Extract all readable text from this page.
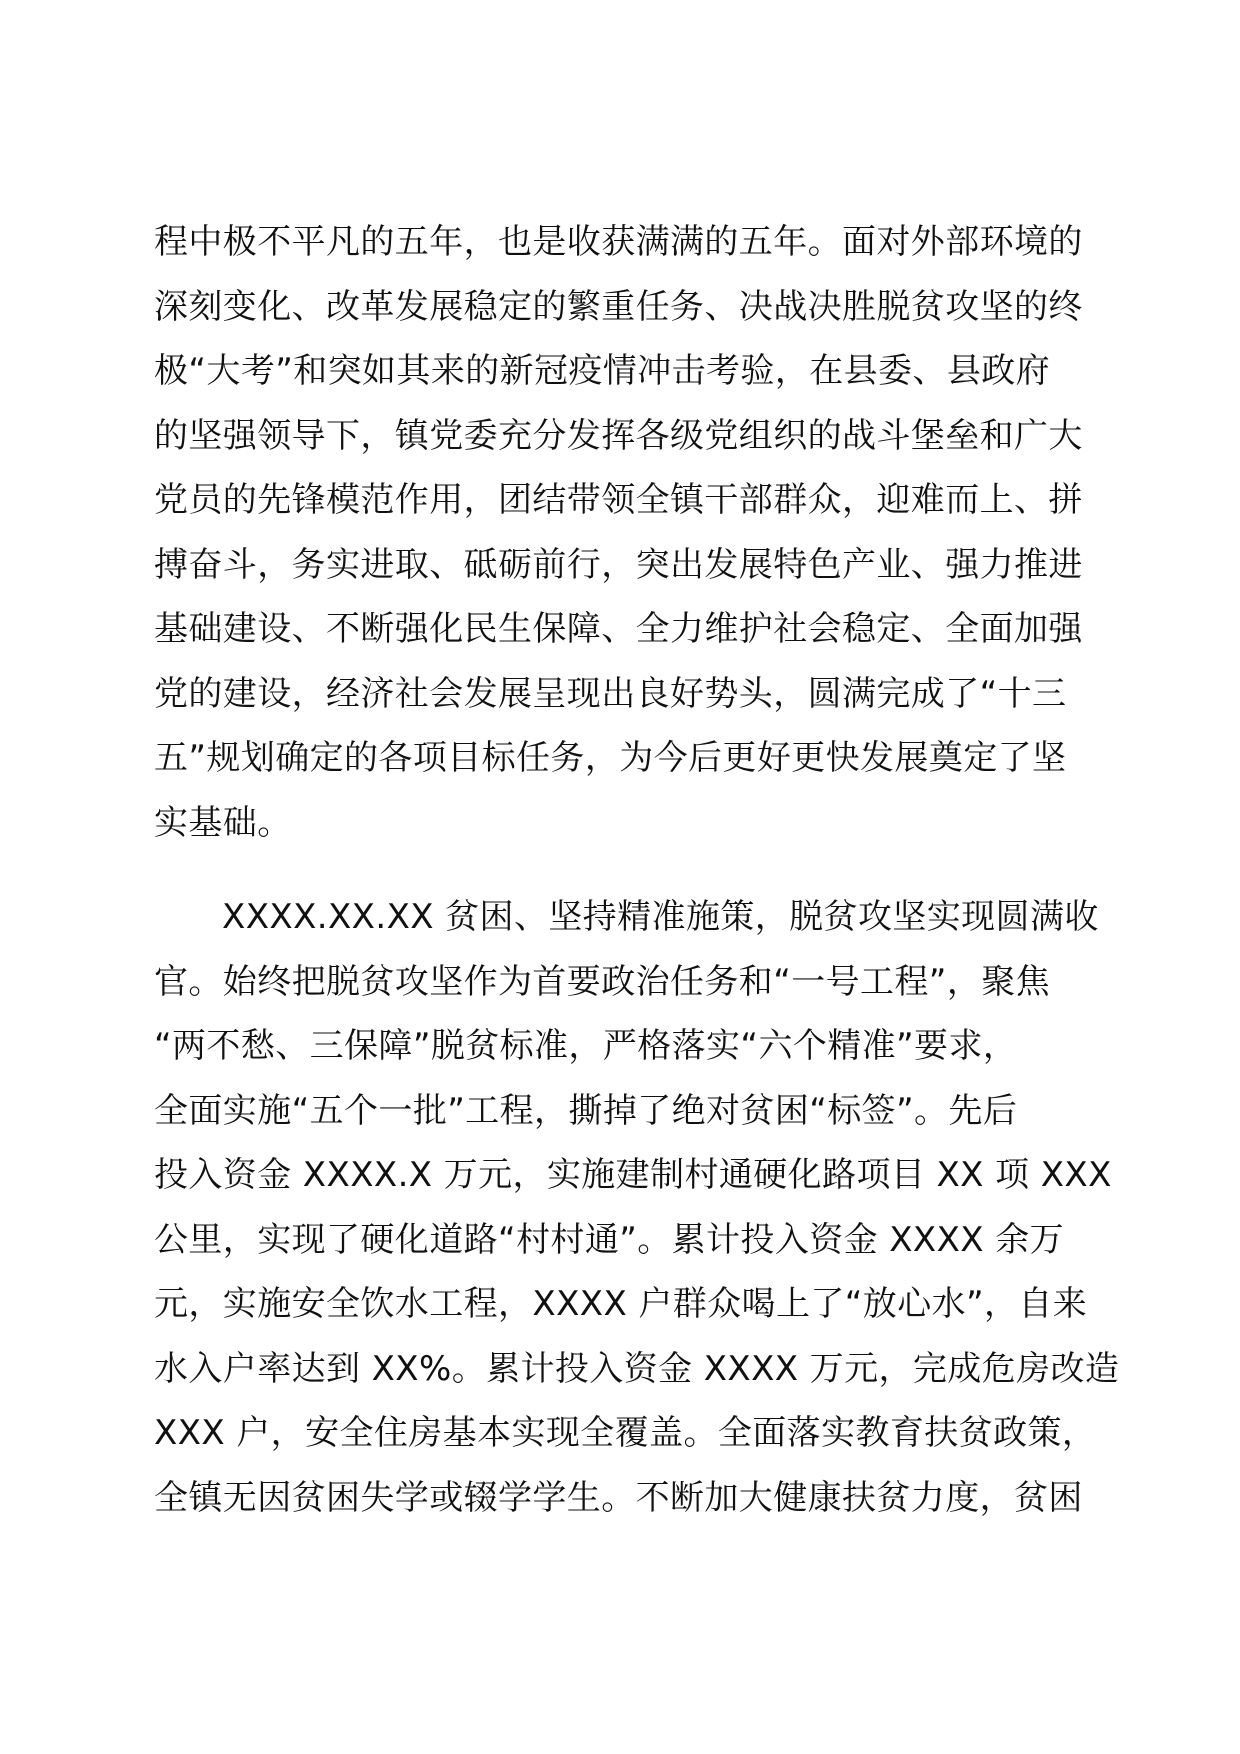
程中极不平凡的五年，也是收获满满的五年。面对外部环境的
深刻变化、改革发展稳定的繁重任务、决战决胜脱贫攻坚的终
极“大考”和突如其来的新冠疫情冲击考验，在县委、县政府
的坚强领导下，镇党委充分发挥各级党组织的战斗堡垒和广大
党员的先锋模范作用，团结带领全镇干部群众，迎难而上、拼
搏奋斗，务实进取、砥砺前行，突出发展特色产业、强力推进
基础建设、不断强化民生保障、全力维护社会稳定、全面加强
党的建设，经济社会发展呈现出良好势头，圆满完成了“十三
五”规划确定的各项目标任务，为今后更好更快发展奠定了坚
实基础。
XXXX.XX.XX 贫困、坚持精准施策，脱贫攻坚实现圆满收
官。始终把脱贫攻坚作为首要政治任务和“一号工程”，聚焦
“两不愁、三保障”脱贫标准，严格落实“六个精准”要求，
全面实施“五个一批”工程，撕掉了绝对贫困“标签”。先后
投入资金 XXXX.X 万元，实施建制村通硬化路项目 XX 项 XXX
公里，实现了硬化道路“村村通”。累计投入资金 XXXX 余万
元，实施安全饮水工程，XXXX 户群众喝上了“放心水”，自来
水入户率达到 XX%。累计投入资金 XXXX 万元，完成危房改造
XXX 户，安全住房基本实现全覆盖。全面落实教育扶贫政策，
全镇无因贫困失学或辍学学生。不断加大健康扶贫力度，贫困
